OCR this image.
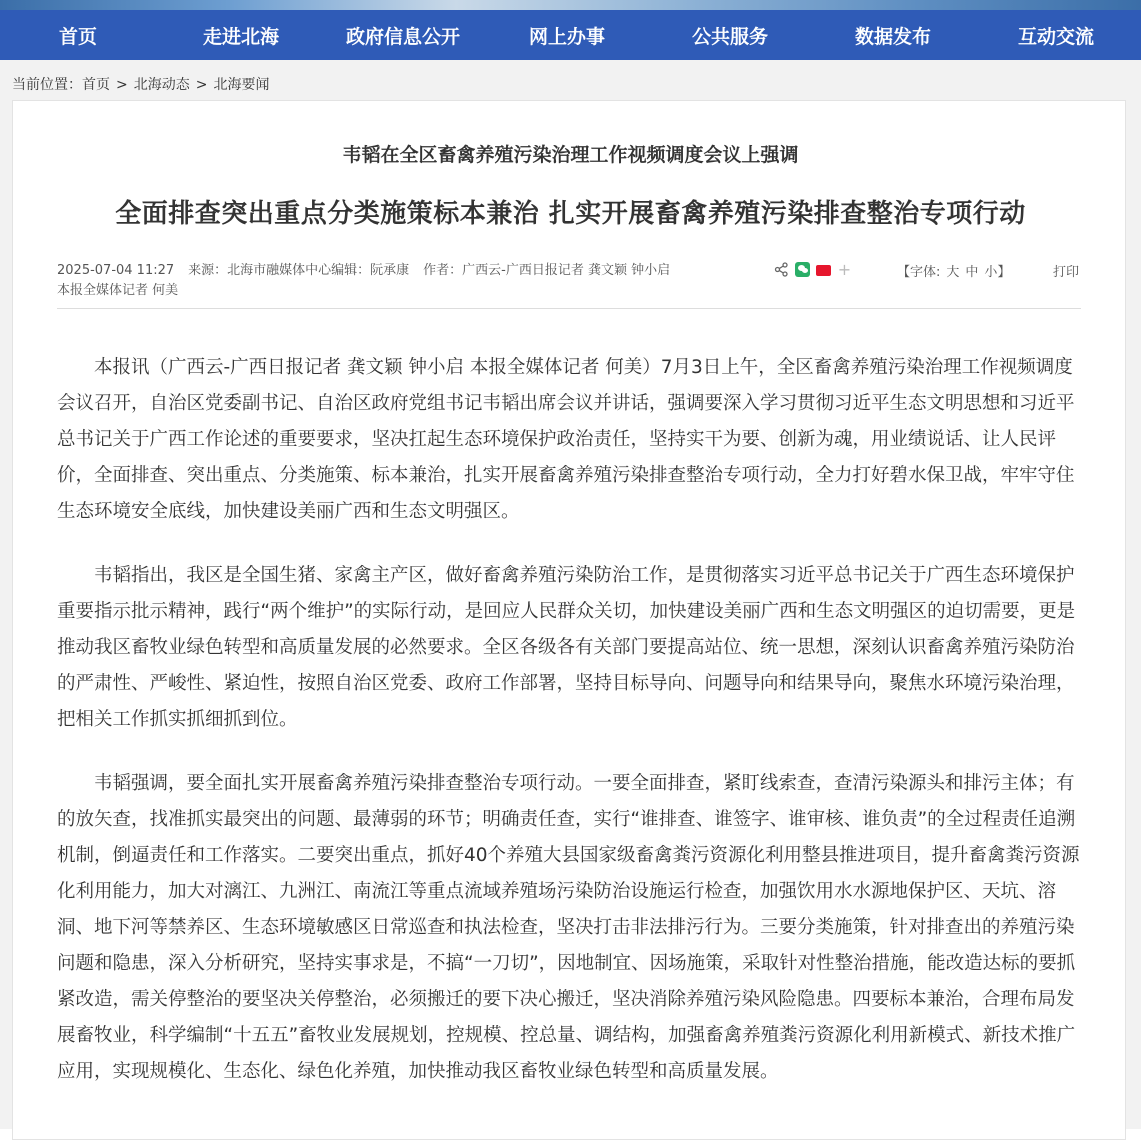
首页	走进北海	政府信息公开	网上办事	公共服务	数据发布	互动交流
当前位置：首页 > 北海动态 > 北海要闻
韦韬在全区畜禽养殖污染治理工作视频调度会议上强调
全面排查突出重点分类施策标本兼治 扎实开展畜禽养殖污染排查整治专项行动
2025-07-04 11:27 来源：北海市融媒体中心编辑：阮承康 作者：广西云-广西日报记者 龚文颖 钟小启
本报全媒体记者 何美
+	【字体: 大 中 小】	打印

本报讯（广西云-广西日报记者 龚文颖 钟小启 本报全媒体记者 何美）7月3日上午，全区畜禽养殖污染治理工作视频调度会议召开，自治区党委副书记、自治区政府党组书记韦韬出席会议并讲话，强调要深入学习贯彻习近平生态文明思想和习近平总书记关于广西工作论述的重要要求，坚决扛起生态环境保护政治责任，坚持实干为要、创新为魂，用业绩说话、让人民评价，全面排查、突出重点、分类施策、标本兼治，扎实开展畜禽养殖污染排查整治专项行动，全力打好碧水保卫战，牢牢守住生态环境安全底线，加快建设美丽广西和生态文明强区。

韦韬指出，我区是全国生猪、家禽主产区，做好畜禽养殖污染防治工作，是贯彻落实习近平总书记关于广西生态环境保护重要指示批示精神，践行“两个维护”的实际行动，是回应人民群众关切，加快建设美丽广西和生态文明强区的迫切需要，更是推动我区畜牧业绿色转型和高质量发展的必然要求。全区各级各有关部门要提高站位、统一思想，深刻认识畜禽养殖污染防治的严肃性、严峻性、紧迫性，按照自治区党委、政府工作部署，坚持目标导向、问题导向和结果导向，聚焦水环境污染治理，把相关工作抓实抓细抓到位。

韦韬强调，要全面扎实开展畜禽养殖污染排查整治专项行动。一要全面排查，紧盯线索查，查清污染源头和排污主体；有的放矢查，找准抓实最突出的问题、最薄弱的环节；明确责任查，实行“谁排查、谁签字、谁审核、谁负责”的全过程责任追溯机制，倒逼责任和工作落实。二要突出重点，抓好40个养殖大县国家级畜禽粪污资源化利用整县推进项目，提升畜禽粪污资源化利用能力，加大对漓江、九洲江、南流江等重点流域养殖场污染防治设施运行检查，加强饮用水水源地保护区、天坑、溶洞、地下河等禁养区、生态环境敏感区日常巡查和执法检查，坚决打击非法排污行为。三要分类施策，针对排查出的养殖污染问题和隐患，深入分析研究，坚持实事求是，不搞“一刀切”，因地制宜、因场施策，采取针对性整治措施，能改造达标的要抓紧改造，需关停整治的要坚决关停整治，必须搬迁的要下决心搬迁，坚决消除养殖污染风险隐患。四要标本兼治，合理布局发展畜牧业，科学编制“十五五”畜牧业发展规划，控规模、控总量、调结构，加强畜禽养殖粪污资源化利用新模式、新技术推广应用，实现规模化、生态化、绿色化养殖，加快推动我区畜牧业绿色转型和高质量发展。
